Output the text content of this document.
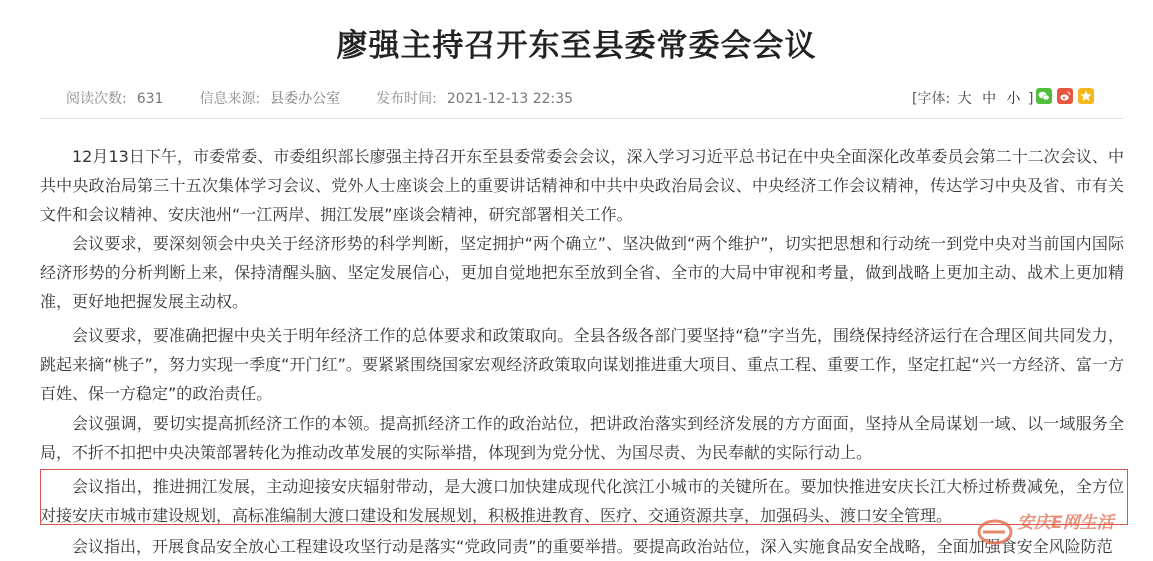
廖强主持召开东至县委常委会会议
阅读次数: 631	信息来源: 县委办公室	发布时间: 2021-12-13 22:35	[字体: 大 中 小 ]

12月13日下午，市委常委、市委组织部长廖强主持召开东至县委常委会会议，深入学习习近平总书记在中央全面深化改革委员会第二十二次会议、中共中央政治局第三十五次集体学习会议、党外人士座谈会上的重要讲话精神和中共中央政治局会议、中央经济工作会议精神，传达学习中央及省、市有关文件和会议精神、安庆池州“一江两岸、拥江发展”座谈会精神，研究部署相关工作。

会议要求，要深刻领会中央关于经济形势的科学判断，坚定拥护“两个确立”、坚决做到“两个维护”，切实把思想和行动统一到党中央对当前国内国际经济形势的分析判断上来，保持清醒头脑、坚定发展信心，更加自觉地把东至放到全省、全市的大局中审视和考量，做到战略上更加主动、战术上更加精准，更好地把握发展主动权。

会议要求，要准确把握中央关于明年经济工作的总体要求和政策取向。全县各级各部门要坚持“稳”字当先，围绕保持经济运行在合理区间共同发力，跳起来摘“桃子”，努力实现一季度“开门红”。要紧紧围绕国家宏观经济政策取向谋划推进重大项目、重点工程、重要工作，坚定扛起“兴一方经济、富一方百姓、保一方稳定”的政治责任。

会议强调，要切实提高抓经济工作的本领。提高抓经济工作的政治站位，把讲政治落实到经济发展的方方面面，坚持从全局谋划一域、以一域服务全局，不折不扣把中央决策部署转化为推动改革发展的实际举措，体现到为党分忧、为国尽责、为民奉献的实际行动上。

会议指出，推进拥江发展，主动迎接安庆辐射带动，是大渡口加快建成现代化滨江小城市的关键所在。要加快推进安庆长江大桥过桥费减免，全方位对接安庆市城市建设规划，高标准编制大渡口建设和发展规划，积极推进教育、医疗、交通资源共享，加强码头、渡口安全管理。

会议指出，开展食品安全放心工程建设攻坚行动是落实“党政同责”的重要举措。要提高政治站位，深入实施食品安全战略，全面加强食安全风险防范

安庆E网生活
